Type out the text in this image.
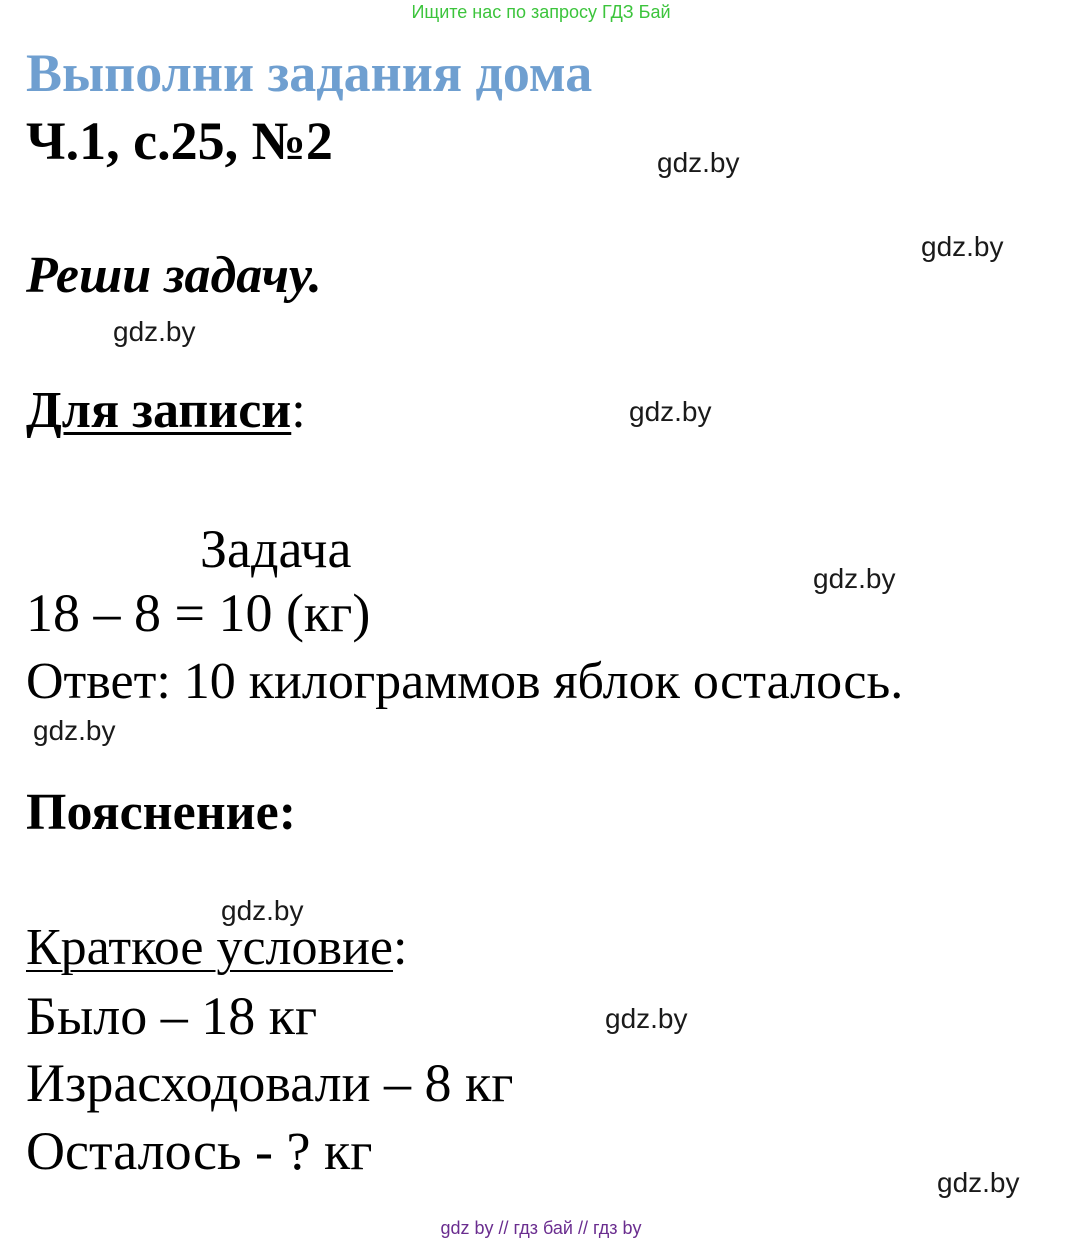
Ищите нас по запросу ГДЗ Бай
Выполни задания дома
Ч.1, с.25, №2
Реши задачу.
Для записи:
Задача
18 – 8 = 10 (кг)
Ответ: 10 килограммов яблок осталось.
Пояснение:
Краткое условие:
Было – 18 кг
Израсходовали – 8 кг
Осталось - ? кг
gdz.by
gdz.by
gdz.by
gdz.by
gdz.by
gdz.by
gdz.by
gdz.by
gdz.by
gdz by // гдз бай // гдз by
